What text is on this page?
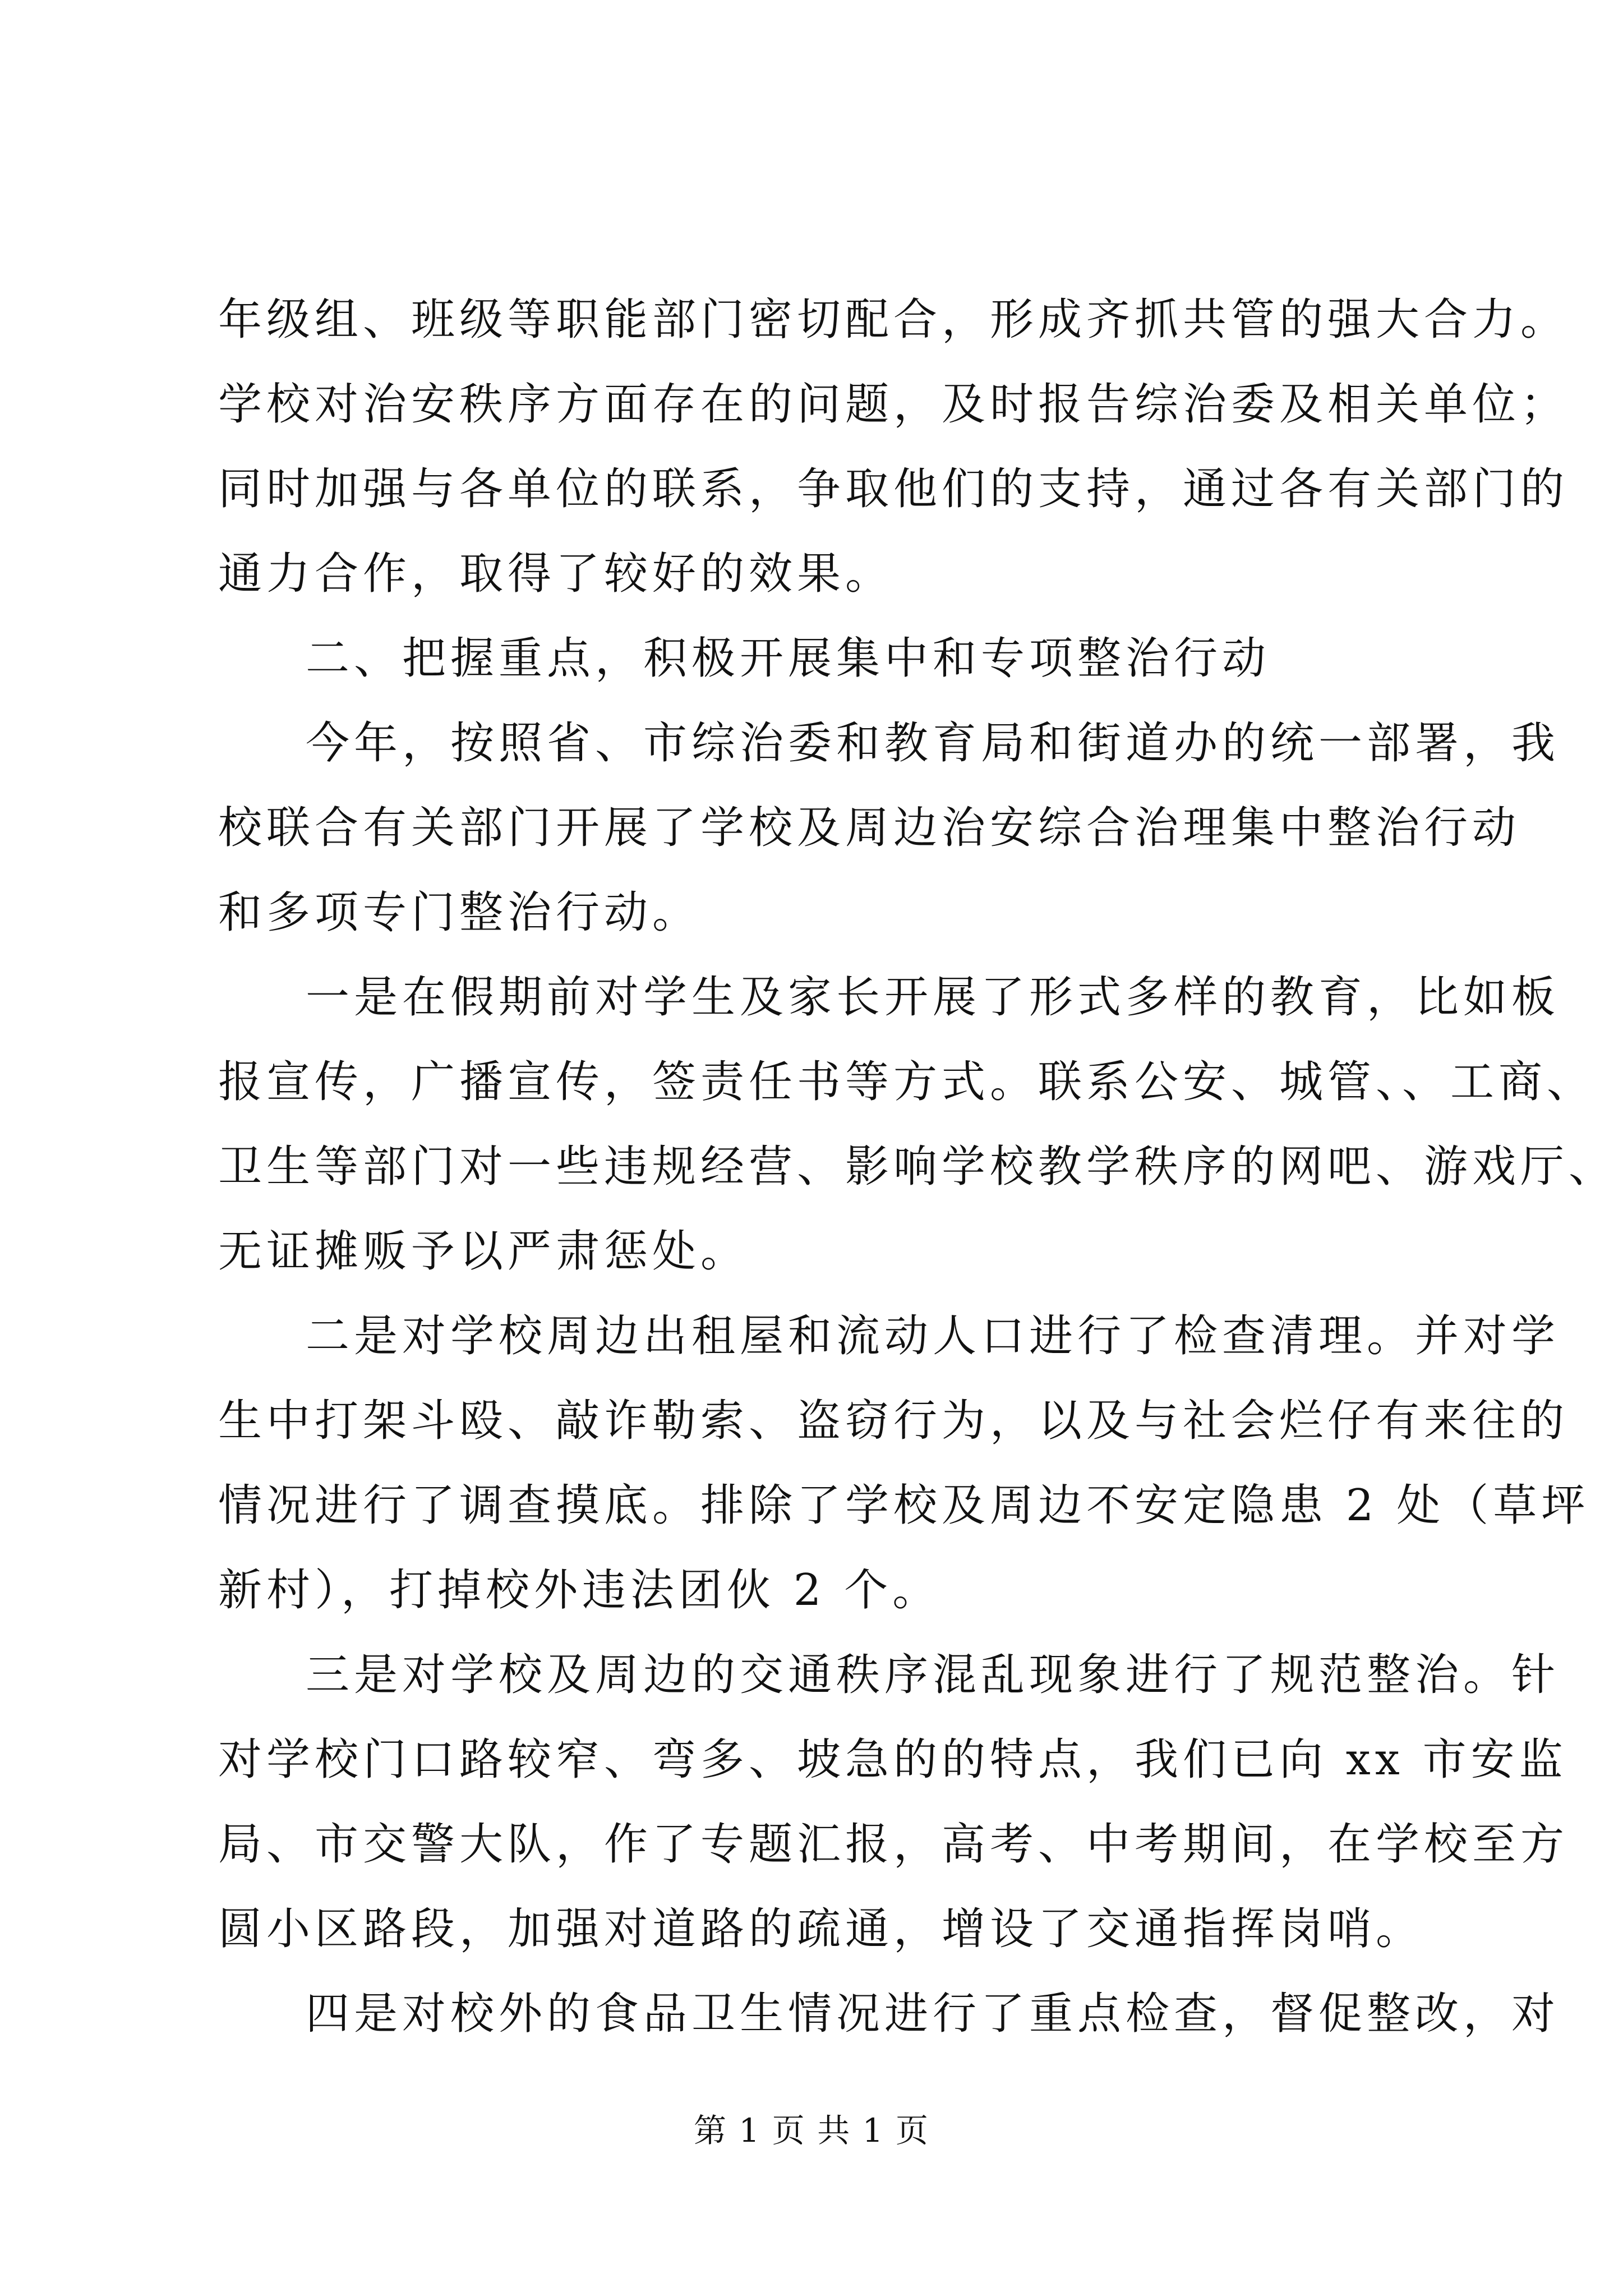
年级组、班级等职能部门密切配合，形成齐抓共管的强大合力。

学校对治安秩序方面存在的问题，及时报告综治委及相关单位；

同时加强与各单位的联系，争取他们的支持，通过各有关部门的

通力合作，取得了较好的效果。

二、把握重点，积极开展集中和专项整治行动

今年，按照省、市综治委和教育局和街道办的统一部署，我

校联合有关部门开展了学校及周边治安综合治理集中整治行动

和多项专门整治行动。

一是在假期前对学生及家长开展了形式多样的教育，比如板

报宣传，广播宣传，签责任书等方式。联系公安、城管、、工商、

卫生等部门对一些违规经营、影响学校教学秩序的网吧、游戏厅、

无证摊贩予以严肃惩处。

二是对学校周边出租屋和流动人口进行了检查清理。并对学

生中打架斗殴、敲诈勒索、盗窃行为，以及与社会烂仔有来往的

情况进行了调查摸底。排除了学校及周边不安定隐患 2 处（草坪

新村），打掉校外违法团伙 2 个。

三是对学校及周边的交通秩序混乱现象进行了规范整治。针

对学校门口路较窄、弯多、坡急的的特点，我们已向 xx 市安监

局、市交警大队，作了专题汇报，高考、中考期间，在学校至方

圆小区路段，加强对道路的疏通，增设了交通指挥岗哨。

四是对校外的食品卫生情况进行了重点检查，督促整改，对

第 1 页 共 1 页
